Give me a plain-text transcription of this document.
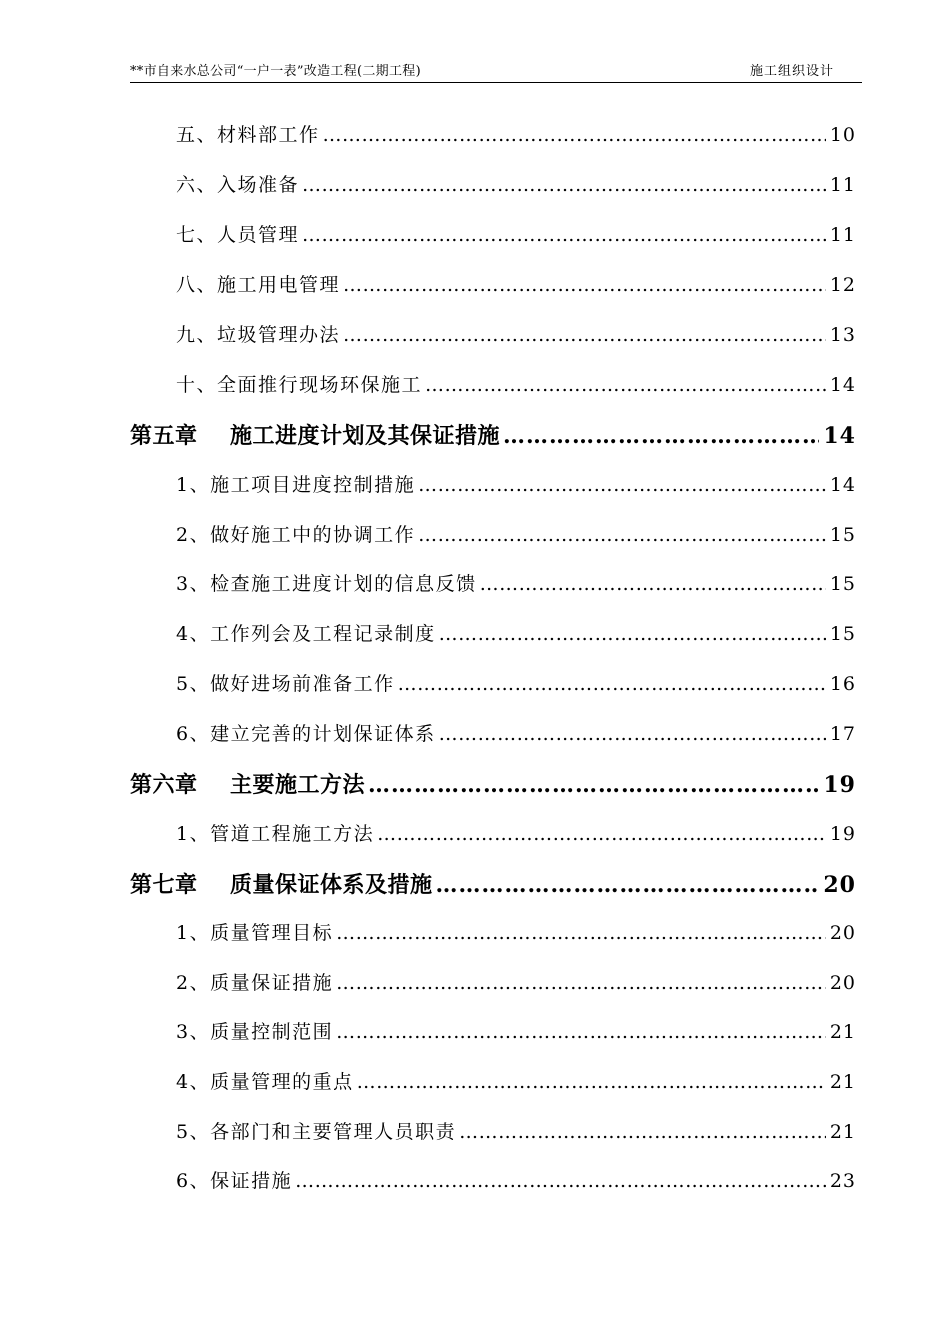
**市自来水总公司“一户一表”改造工程(二期工程)	施工组织设计
五、 材料部工作 …………………………………………………………………………………………………………………………………………………………………………	10
六、 入场准备 …………………………………………………………………………………………………………………………………………………………………………	11
七、 人员管理 …………………………………………………………………………………………………………………………………………………………………………	11
八、 施工用电管理 …………………………………………………………………………………………………………………………………………………………………………	12
九、 垃圾管理办法 …………………………………………………………………………………………………………………………………………………………………………	13
十、 全面推行现场环保施工 …………………………………………………………………………………………………………………………………………………………………………	14
第五章	施工进度计划及其保证措施 …………………………………………………………………………………………………………………………………………………………………………	14
1、 施工项目进度控制措施 …………………………………………………………………………………………………………………………………………………………………………	14
2、 做好施工中的协调工作 …………………………………………………………………………………………………………………………………………………………………………	15
3、 检查施工进度计划的信息反馈 …………………………………………………………………………………………………………………………………………………………………………	15
4、 工作列会及工程记录制度 …………………………………………………………………………………………………………………………………………………………………………	15
5、 做好进场前准备工作 …………………………………………………………………………………………………………………………………………………………………………	16
6、 建立完善的计划保证体系 …………………………………………………………………………………………………………………………………………………………………………	17
第六章	主要施工方法 …………………………………………………………………………………………………………………………………………………………………………	19
1、 管道工程施工方法 …………………………………………………………………………………………………………………………………………………………………………	19
第七章	质量保证体系及措施 …………………………………………………………………………………………………………………………………………………………………………	20
1、 质量管理目标 …………………………………………………………………………………………………………………………………………………………………………	20
2、 质量保证措施 …………………………………………………………………………………………………………………………………………………………………………	20
3、 质量控制范围 …………………………………………………………………………………………………………………………………………………………………………	21
4、 质量管理的重点 …………………………………………………………………………………………………………………………………………………………………………	21
5、 各部门和主要管理人员职责 …………………………………………………………………………………………………………………………………………………………………………	21
6、 保证措施 …………………………………………………………………………………………………………………………………………………………………………	23
